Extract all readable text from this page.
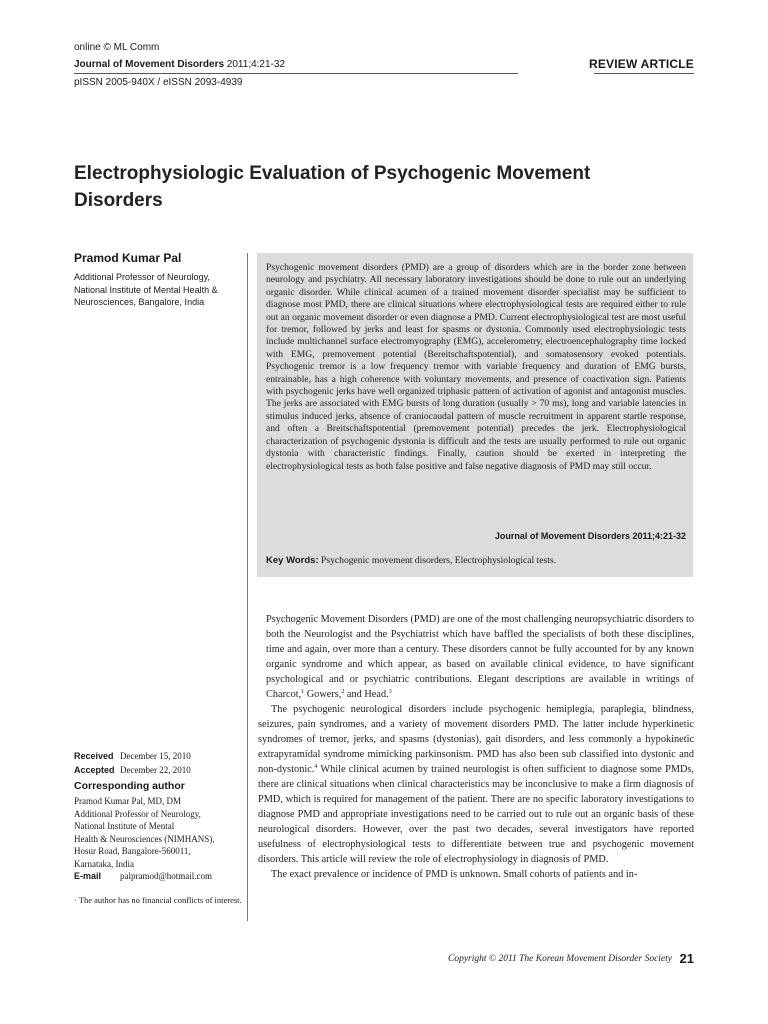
online © ML Comm
Journal of Movement Disorders 2011;4:21-32	REVIEW ARTICLE
pISSN 2005-940X / eISSN 2093-4939
Electrophysiologic Evaluation of Psychogenic Movement Disorders
Pramod Kumar Pal
Additional Professor of Neurology, National Institute of Mental Health & Neurosciences, Bangalore, India
Psychogenic movement disorders (PMD) are a group of disorders which are in the border zone between neurology and psychiatry. All necessary laboratory investigations should be done to rule out an underlying organic disorder. While clinical acumen of a trained movement disorder specialist may be sufficient to diagnose most PMD, there are clinical situations where electrophysiological tests are required either to rule out an organic movement disorder or even diagnose a PMD. Current electrophysiological test are most useful for tremor, followed by jerks and least for spasms or dystonia. Commonly used electrophysiologic tests include multichannel surface electromyography (EMG), accelerometry, electroencephalography time locked with EMG, premovement potential (Bereitschaftspotential), and somatosensory evoked potentials. Psychogenic tremor is a low frequency tremor with variable frequency and duration of EMG bursts, entrainable, has a high coherence with voluntary movements, and presence of coactivation sign. Patients with psychogenic jerks have well organized triphasic pattern of activation of agonist and antagonist muscles. The jerks are associated with EMG bursts of long duration (usually > 70 ms), long and variable latencies in stimulus induced jerks, absence of craniocaudal pattern of muscle recruitment in apparent startle response, and often a Breitschaftspotential (premovement potential) precedes the jerk. Electrophysiological characterization of psychogenic dystonia is difficult and the tests are usually performed to rule out organic dystonia with characteristic findings. Finally, caution should be exerted in interpreting the electrophysiological tests as both false positive and false negative diagnosis of PMD may still occur.
Journal of Movement Disorders 2011;4:21-32
Key Words: Psychogenic movement disorders, Electrophysiological tests.

Psychogenic Movement Disorders (PMD) are one of the most challenging neuropsychiatric disorders to both the Neurologist and the Psychiatrist which have baffled the specialists of both these disciplines, time and again, over more than a century. These disorders cannot be fully accounted for by any known organic syndrome and which appear, as based on available clinical evidence, to have significant psychological and or psychiatric contributions. Elegant descriptions are available in writings of Charcot,$^1$ Gowers,$^2$ and Head.$^3$

The psychogenic neurological disorders include psychogenic hemiplegia, paraplegia, blindness, seizures, pain syndromes, and a variety of movement disorders PMD. The latter include hyperkinetic syndromes of tremor, jerks, and spasms (dystonias), gait disorders, and less commonly a hypokinetic extrapyramidal syndrome mimicking parkinsonism. PMD has also been sub classified into dystonic and non-dystonic.$^4$ While clinical acumen by trained neurologist is often sufficient to diagnose some PMDs, there are clinical situations when clinical characteristics may be inconclusive to make a firm diagnosis of PMD, which is required for management of the patient. There are no specific laboratory investigations to diagnose PMD and appropriate investigations need to be carried out to rule out an organic basis of these neurological disorders. However, over the past two decades, several investigators have reported usefulness of electrophysiological tests to differentiate between true and psychogenic movement disorders. This article will review the role of electrophysiology in diagnosis of PMD.

The exact prevalence or incidence of PMD is unknown. Small cohorts of patients and in-

Received December 15, 2010
Accepted December 22, 2010
Corresponding author
Pramod Kumar Pal, MD, DM
Additional Professor of Neurology,
National Institute of Mental
Health & Neurosciences (NIMHANS),
Hosur Road, Bangalore-560011,
Karnataka, India
E-mail palpramod@hotmail.com
· The author has no financial conflicts of interest.
Copyright © 2011 The Korean Movement Disorder Society 21
